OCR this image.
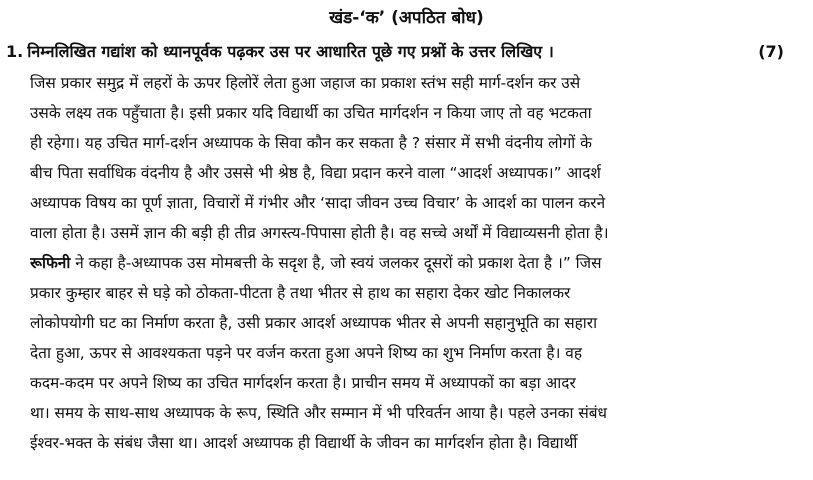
खंड-‘क’ (अपठित बोध)
1. निम्नलिखित गद्यांश को ध्यानपूर्वक पढ़कर उस पर आधारित पूछे गए प्रश्नों के उत्तर लिखिए ।	(7)
जिस प्रकार समुद्र में लहरों के ऊपर हिलोरें लेता हुआ जहाज का प्रकाश स्तंभ सही मार्ग-दर्शन कर उसे
उसके लक्ष्य तक पहुँचाता है। इसी प्रकार यदि विद्यार्थी का उचित मार्गदर्शन न किया जाए तो वह भटकता
ही रहेगा। यह उचित मार्ग-दर्शन अध्यापक के सिवा कौन कर सकता है ? संसार में सभी वंदनीय लोगों के
बीच पिता सर्वाधिक वंदनीय है और उससे भी श्रेष्ठ है, विद्या प्रदान करने वाला “आदर्श अध्यापक।” आदर्श
अध्यापक विषय का पूर्ण ज्ञाता, विचारों में गंभीर और ‘सादा जीवन उच्च विचार’ के आदर्श का पालन करने
वाला होता है। उसमें ज्ञान की बड़ी ही तीव्र अगस्त्य-पिपासा होती है। वह सच्चे अर्थों में विद्याव्यसनी होता है।
रूफिनी ने कहा है-अध्यापक उस मोमबत्ती के सदृश है, जो स्वयं जलकर दूसरों को प्रकाश देता है ।” जिस
प्रकार कुम्हार बाहर से घड़े को ठोकता-पीटता है तथा भीतर से हाथ का सहारा देकर खोट निकालकर
लोकोपयोगी घट का निर्माण करता है, उसी प्रकार आदर्श अध्यापक भीतर से अपनी सहानुभूति का सहारा
देता हुआ, ऊपर से आवश्यकता पड़ने पर वर्जन करता हुआ अपने शिष्य का शुभ निर्माण करता है। वह
कदम-कदम पर अपने शिष्य का उचित मार्गदर्शन करता है। प्राचीन समय में अध्यापकों का बड़ा आदर
था। समय के साथ-साथ अध्यापक के रूप, स्थिति और सम्मान में भी परिवर्तन आया है। पहले उनका संबंध
ईश्वर-भक्त के संबंध जैसा था। आदर्श अध्यापक ही विद्यार्थी के जीवन का मार्गदर्शन होता है। विद्यार्थी
